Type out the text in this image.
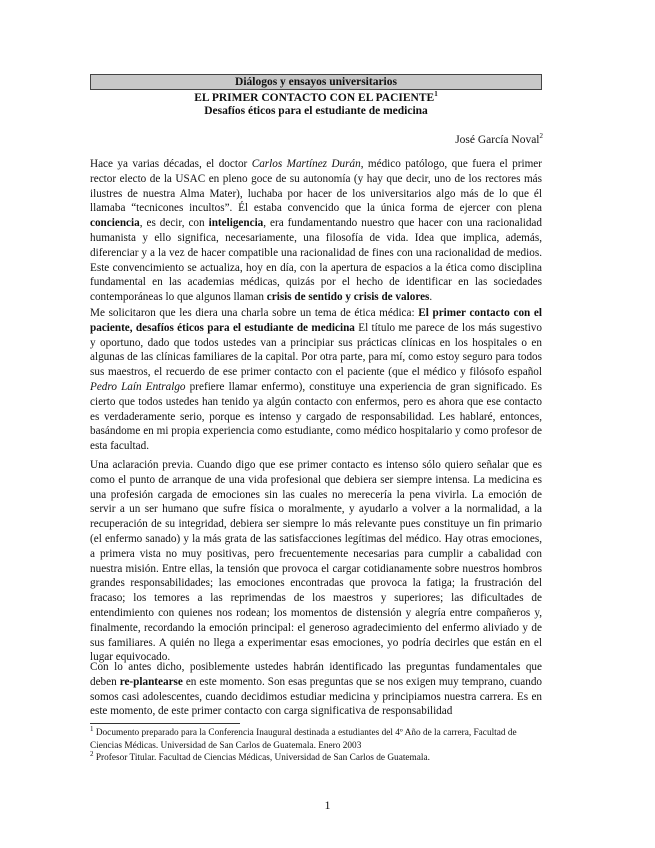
Diálogos y ensayos universitarios
EL PRIMER CONTACTO CON EL PACIENTE$^1$
Desafíos éticos para el estudiante de medicina
José García Noval$^2$

Hace ya varias décadas, el doctor Carlos Martínez Durán, médico patólogo, que fuera el primer rector electo de la USAC en pleno goce de su autonomía (y hay que decir, uno de los rectores más ilustres de nuestra Alma Mater), luchaba por hacer de los universitarios algo más de lo que él llamaba “tecnicones incultos”. Él estaba convencido que la única forma de ejercer con plena conciencia, es decir, con inteligencia, era fundamentando nuestro que hacer con una racionalidad humanista y ello significa, necesariamente, una filosofía de vida. Idea que implica, además, diferenciar y a la vez de hacer compatible una racionalidad de fines con una racionalidad de medios. Este convencimiento se actualiza, hoy en día, con la apertura de espacios a la ética como disciplina fundamental en las academias médicas, quizás por el hecho de identificar en las sociedades contemporáneas lo que algunos llaman crisis de sentido y crisis de valores.

Me solicitaron que les diera una charla sobre un tema de ética médica: El primer contacto con el paciente, desafíos éticos para el estudiante de medicina El título me parece de los más sugestivo y oportuno, dado que todos ustedes van a principiar sus prácticas clínicas en los hospitales o en algunas de las clínicas familiares de la capital. Por otra parte, para mí, como estoy seguro para todos sus maestros, el recuerdo de ese primer contacto con el paciente (que el médico y filósofo español Pedro Laín Entralgo prefiere llamar enfermo), constituye una experiencia de gran significado. Es cierto que todos ustedes han tenido ya algún contacto con enfermos, pero es ahora que ese contacto es verdaderamente serio, porque es intenso y cargado de responsabilidad. Les hablaré, entonces, basándome en mi propia experiencia como estudiante, como médico hospitalario y como profesor de esta facultad.

Una aclaración previa. Cuando digo que ese primer contacto es intenso sólo quiero señalar que es como el punto de arranque de una vida profesional que debiera ser siempre intensa. La medicina es una profesión cargada de emociones sin las cuales no merecería la pena vivirla. La emoción de servir a un ser humano que sufre física o moralmente, y ayudarlo a volver a la normalidad, a la recuperación de su integridad, debiera ser siempre lo más relevante pues constituye un fin primario (el enfermo sanado) y la más grata de las satisfacciones legítimas del médico. Hay otras emociones, a primera vista no muy positivas, pero frecuentemente necesarias para cumplir a cabalidad con nuestra misión. Entre ellas, la tensión que provoca el cargar cotidianamente sobre nuestros hombros grandes responsabilidades; las emociones encontradas que provoca la fatiga; la frustración del fracaso; los temores a las reprimendas de los maestros y superiores; las dificultades de entendimiento con quienes nos rodean; los momentos de distensión y alegría entre compañeros y, finalmente, recordando la emoción principal: el generoso agradecimiento del enfermo aliviado y de sus familiares. A quién no llega a experimentar esas emociones, yo podría decirles que están en el lugar equivocado.

Con lo antes dicho, posiblemente ustedes habrán identificado las preguntas fundamentales que deben re-plantearse en este momento. Son esas preguntas que se nos exigen muy temprano, cuando somos casi adolescentes, cuando decidimos estudiar medicina y principiamos nuestra carrera. Es en este momento, de este primer contacto con carga significativa de responsabilidad

$^1$ Documento preparado para la Conferencia Inaugural destinada a estudiantes del 4º Año de la carrera, Facultad de Ciencias Médicas. Universidad de San Carlos de Guatemala. Enero 2003
$^2$ Profesor Titular. Facultad de Ciencias Médicas, Universidad de San Carlos de Guatemala.
1
